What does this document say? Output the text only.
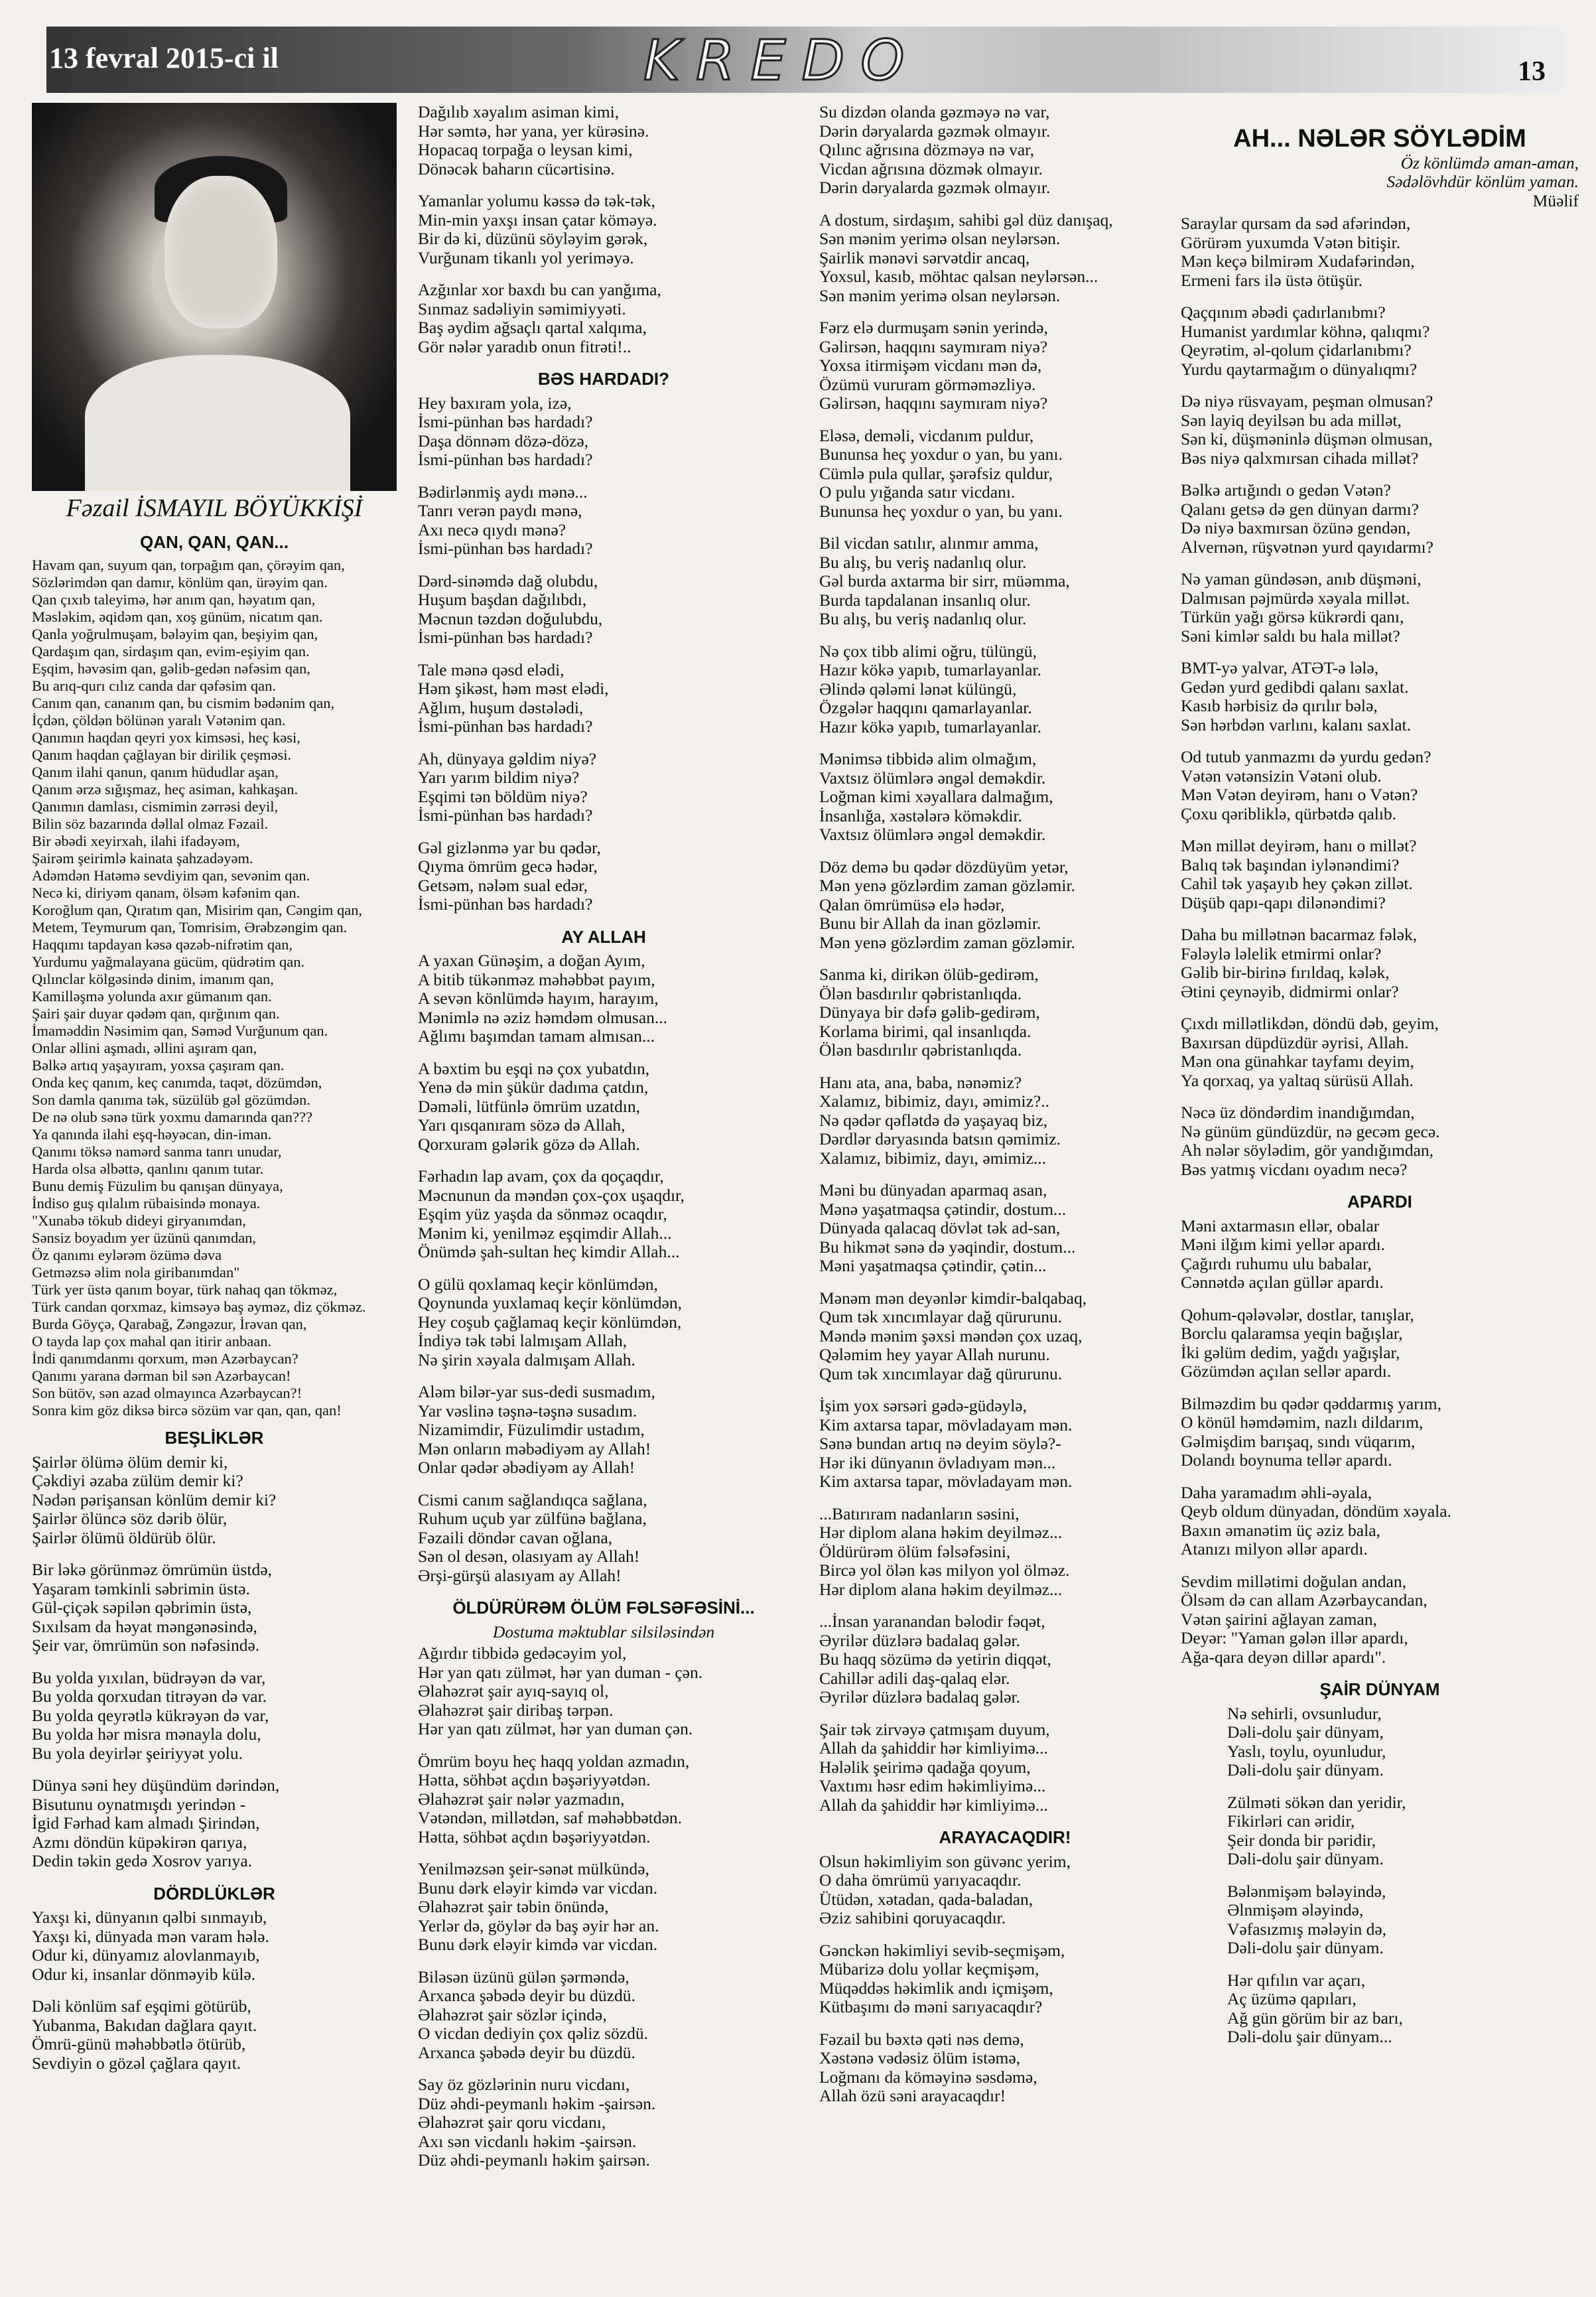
13 fevral 2015-ci il	KREDO	13
Fəzail İSMAYIL BÖYÜKKİŞİ
QAN, QAN, QAN...
Havam qan, suyum qan, torpağım qan, çörəyim qan,
Sözlərimdən qan damır, könlüm qan, ürəyim qan.
Qan çıxıb taleyimə, hər anım qan, həyatım qan,
Məsləkim, əqidəm qan, xoş günüm, nicatım qan.
Qanla yoğrulmuşam, bələyim qan, beşiyim qan,
Qardaşım qan, sirdaşım qan, evim-eşiyim qan.
Eşqim, həvəsim qan, gəlib-gedən nəfəsim qan,
Bu arıq-qurı cılız canda dar qəfəsim qan.
Canım qan, cananım qan, bu cismim bədənim qan,
İçdən, çöldən bölünən yaralı Vətənim qan.
Qanımın haqdan qeyri yox kimsəsi, heç kəsi,
Qanım haqdan çağlayan bir dirilik çeşməsi.
Qanım ilahi qanun, qanım hüdudlar aşan,
Qanım ərzə sığışmaz, heç asiman, kahkaşan.
Qanımın damlası, cismimin zərrəsi deyil,
Bilin söz bazarında dəllal olmaz Fəzail.
Bir əbədi xeyirxah, ilahi ifadəyəm,
Şairəm şeirimlə kainata şahzadəyəm.
Adəmdən Hatəmə sevdiyim qan, sevənim qan.
Necə ki, diriyəm qanam, ölsəm kəfənim qan.
Koroğlum qan, Qıratım qan, Misirim qan, Cəngim qan,
Metem, Teymurum qan, Tomrisim, Ərəbzəngim qan.
Haqqımı tapdayan kəsə qəzəb-nifrətim qan,
Yurdumu yağmalayana gücüm, qüdrətim qan.
Qılınclar kölgəsində dinim, imanım qan,
Kamilləşmə yolunda axır gümanım qan.
Şairi şair duyar qədəm qan, qırğınım qan.
İmaməddin Nəsimim qan, Səməd Vurğunum qan.
Onlar əllini aşmadı, əllini aşıram qan,
Bəlkə artıq yaşayıram, yoxsa çaşıram qan.
Onda keç qanım, keç canımda, taqət, dözümdən,
Son damla qanıma tək, süzülüb gəl gözümdən.
De nə olub sənə türk yoxmu damarında qan???
Ya qanında ilahi eşq-həyəcan, din-iman.
Qanımı töksə namərd sanma tanrı unudar,
Harda olsa əlbəttə, qanlını qanım tutar.
Bunu demiş Füzulim bu qanışan dünyaya,
İndiso guş qılalım rübaisində monaya.
"Xunabə tökub dideyi giryanımdan,
Sənsiz boyadım yer üzünü qanımdan,
Öz qanımı eylərəm özümə dəva
Getməzsə əlim nola giribanımdan"
Türk yer üstə qanım boyar, türk nahaq qan tökməz,
Türk candan qorxmaz, kimsəyə baş əyməz, diz çökməz.
Burda Göyçə, Qarabağ, Zəngəzur, İrəvan qan,
O tayda lap çox mahal qan itirir anbaan.
İndi qanımdanmı qorxum, mən Azərbaycan?
Qanımı yarana dərman bil sən Azərbaycan!
Son bütöv, sən azad olmayınca Azərbaycan?!
Sonra kim göz diksə bircə sözüm var qan, qan, qan!
BEŞLİKLƏR
Şairlər ölümə ölüm demir ki,
Çəkdiyi əzaba zülüm demir ki?
Nədən pərişansan könlüm demir ki?
Şairlər ölüncə söz dərib ölür,
Şairlər ölümü öldürüb ölür.
Bir ləkə görünməz ömrümün üstdə,
Yaşaram təmkinli səbrimin üstə.
Gül-çiçək səpilən qəbrimin üstə,
Sıxılsam da həyat məngənəsində,
Şeir var, ömrümün son nəfəsində.
Bu yolda yıxılan, büdrəyən də var,
Bu yolda qorxudan titrəyən də var.
Bu yolda qeyrətlə kükrəyən də var,
Bu yolda hər misra mənayla dolu,
Bu yola deyirlər şeiriyyət yolu.
Dünya səni hey düşündüm dərindən,
Bisutunu oynatmışdı yerindən -
İgid Fərhad kam almadı Şirindən,
Azmı döndün küpəkirən qarıya,
Dedin təkin gedə Xosrov yarıya.
DÖRDLÜKLƏR
Yaxşı ki, dünyanın qəlbi sınmayıb,
Yaxşı ki, dünyada mən varam hələ.
Odur ki, dünyamız alovlanmayıb,
Odur ki, insanlar dönməyib külə.
Dəli könlüm saf eşqimi götürüb,
Yubanma, Bakıdan dağlara qayıt.
Ömrü-günü məhəbbətlə ötürüb,
Sevdiyin o gözəl çağlara qayıt.
Dağılıb xəyalım asiman kimi,
Hər səmtə, hər yana, yer kürəsinə.
Hopacaq torpağa o leysan kimi,
Dönəcək baharın cücərtisinə.
Yamanlar yolumu kəssə də tək-tək,
Min-min yaxşı insan çatar köməyə.
Bir də ki, düzünü söyləyim gərək,
Vurğunam tikanlı yol yeriməyə.
Azğınlar xor baxdı bu can yanğıma,
Sınmaz sadəliyin səmimiyyəti.
Baş əydim ağsaçlı qartal xalqıma,
Gör nələr yaradıb onun fitrəti!..
BƏS HARDADI?
Hey baxıram yola, izə,
İsmi-pünhan bəs hardadı?
Daşa dönnəm dözə-dözə,
İsmi-pünhan bəs hardadı?
Bədirlənmiş aydı mənə...
Tanrı verən paydı mənə,
Axı necə qıydı mənə?
İsmi-pünhan bəs hardadı?
Dərd-sinəmdə dağ olubdu,
Huşum başdan dağılıbdı,
Məcnun təzdən doğulubdu,
İsmi-pünhan bəs hardadı?
Tale mənə qəsd elədi,
Həm şikəst, həm məst elədi,
Ağlım, huşum dəstələdi,
İsmi-pünhan bəs hardadı?
Ah, dünyaya gəldim niyə?
Yarı yarım bildim niyə?
Eşqimi tən böldüm niyə?
İsmi-pünhan bəs hardadı?
Gəl gizlənmə yar bu qədər,
Qıyma ömrüm gecə hədər,
Getsəm, nələm sual edər,
İsmi-pünhan bəs hardadı?
AY ALLAH
A yaxan Günəşim, a doğan Ayım,
A bitib tükənməz məhəbbət payım,
A sevən könlümdə hayım, harayım,
Mənimlə nə əziz həmdəm olmusan...
Ağlımı başımdan tamam almısan...
A bəxtim bu eşqi nə çox yubatdın,
Yenə də min şükür dadıma çatdın,
Dəməli, lütfünlə ömrüm uzatdın,
Yarı qısqanıram sözə də Allah,
Qorxuram gələrik gözə də Allah.
Fərhadın lap avam, çox da qoçaqdır,
Məcnunun da məndən çox-çox uşaqdır,
Eşqim yüz yaşda da sönməz ocaqdır,
Mənim ki, yenilməz eşqimdir Allah...
Önümdə şah-sultan heç kimdir Allah...
O gülü qoxlamaq keçir könlümdən,
Qoynunda yuxlamaq keçir könlümdən,
Hey coşub çağlamaq keçir könlümdən,
İndiyə tək təbi lalmışam Allah,
Nə şirin xəyala dalmışam Allah.
Aləm bilər-yar sus-dedi susmadım,
Yar vəslinə təşnə-təşnə susadım.
Nizamimdir, Füzulimdir ustadım,
Mən onların məbədiyəm ay Allah!
Onlar qədər əbədiyəm ay Allah!
Cismi canım sağlandıqca sağlana,
Ruhum uçub yar zülfünə bağlana,
Fəzaili döndər cavan oğlana,
Sən ol desən, olasıyam ay Allah!
Ərşi-gürşü alasıyam ay Allah!
ÖLDÜRÜRƏM ÖLÜM FƏLSƏFƏSİNİ...
Dostuma məktublar silsiləsindən
Ağırdır tibbidə gedəcəyim yol,
Hər yan qatı zülmət, hər yan duman - çən.
Əlahəzrət şair ayıq-sayıq ol,
Əlahəzrət şair diribaş tərpən.
Hər yan qatı zülmət, hər yan duman çən.
Ömrüm boyu heç haqq yoldan azmadın,
Hətta, söhbət açdın bəşəriyyətdən.
Əlahəzrət şair nələr yazmadın,
Vətəndən, millətdən, saf məhəbbətdən.
Hətta, söhbət açdın bəşəriyyətdən.
Yenilməzsən şeir-sənət mülkündə,
Bunu dərk eləyir kimdə var vicdan.
Əlahəzrət şair təbin önündə,
Yerlər də, göylər də baş əyir hər an.
Bunu dərk eləyir kimdə var vicdan.
Biləsən üzünü gülən şərməndə,
Arxanca şəbədə deyir bu düzdü.
Əlahəzrət şair sözlər içində,
O vicdan dediyin çox qəliz sözdü.
Arxanca şəbədə deyir bu düzdü.
Say öz gözlərinin nuru vicdanı,
Düz əhdi-peymanlı həkim -şairsən.
Əlahəzrət şair qoru vicdanı,
Axı sən vicdanlı həkim -şairsən.
Düz əhdi-peymanlı həkim şairsən.
Su dizdən olanda gəzməyə nə var,
Dərin dəryalarda gəzmək olmayır.
Qılınc ağrısına dözməyə nə var,
Vicdan ağrısına dözmək olmayır.
Dərin dəryalarda gəzmək olmayır.
A dostum, sirdaşım, sahibi gəl düz danışaq,
Sən mənim yerimə olsan neylərsən.
Şairlik mənəvi sərvətdir ancaq,
Yoxsul, kasıb, möhtac qalsan neylərsən...
Sən mənim yerimə olsan neylərsən.
Fərz elə durmuşam sənin yerində,
Gəlirsən, haqqını saymıram niyə?
Yoxsa itirmişəm vicdanı mən də,
Özümü vururam görməməzliyə.
Gəlirsən, haqqını saymıram niyə?
Eləsə, deməli, vicdanım puldur,
Bununsa heç yoxdur o yan, bu yanı.
Cümlə pula qullar, şərəfsiz quldur,
O pulu yığanda satır vicdanı.
Bununsa heç yoxdur o yan, bu yanı.
Bil vicdan satılır, alınmır amma,
Bu alış, bu veriş nadanlıq olur.
Gəl burda axtarma bir sirr, müəmma,
Burda tapdalanan insanlıq olur.
Bu alış, bu veriş nadanlıq olur.
Nə çox tibb alimi oğru, tülüngü,
Hazır kökə yapıb, tumarlayanlar.
Əlində qələmi lənət külüngü,
Özgələr haqqını qamarlayanlar.
Hazır kökə yapıb, tumarlayanlar.
Mənimsə tibbidə alim olmağım,
Vaxtsız ölümlərə əngəl deməkdir.
Loğman kimi xəyallara dalmağım,
İnsanlığa, xəstələrə köməkdir.
Vaxtsız ölümlərə əngəl deməkdir.
Döz demə bu qədər dözdüyüm yetər,
Mən yenə gözlərdim zaman gözləmir.
Qalan ömrümüsə elə hədər,
Bunu bir Allah da inan gözləmir.
Mən yenə gözlərdim zaman gözləmir.
Sanma ki, dirikən ölüb-gedirəm,
Ölən basdırılır qəbristanlıqda.
Dünyaya bir dəfə gəlib-gedirəm,
Korlama birimi, qal insanlıqda.
Ölən basdırılır qəbristanlıqda.
Hanı ata, ana, baba, nənəmiz?
Xalamız, bibimiz, dayı, əmimiz?..
Nə qədər qəflətdə də yaşayaq biz,
Dərdlər dəryasında batsın qəmimiz.
Xalamız, bibimiz, dayı, əmimiz...
Məni bu dünyadan aparmaq asan,
Mənə yaşatmaqsa çətindir, dostum...
Dünyada qalacaq dövlət tək ad-san,
Bu hikmət sənə də yəqindir, dostum...
Məni yaşatmaqsa çətindir, çətin...
Mənəm mən deyənlər kimdir-balqabaq,
Qum tək xıncımlayar dağ qürurunu.
Məndə mənim şəxsi məndən çox uzaq,
Qələmim hey yayar Allah nurunu.
Qum tək xıncımlayar dağ qürurunu.
İşim yox sərsəri gədə-güdəylə,
Kim axtarsa tapar, mövladayam mən.
Sənə bundan artıq nə deyim söylə?-
Hər iki dünyanın övladıyam mən...
Kim axtarsa tapar, mövladayam mən.
...Batırıram nadanların səsini,
Hər diplom alana həkim deyilməz...
Öldürürəm ölüm fəlsəfəsini,
Bircə yol ölən kəs milyon yol ölməz.
Hər diplom alana həkim deyilməz...
...İnsan yaranandan bəlodir fəqət,
Əyrilər düzlərə badalaq gələr.
Bu haqq sözümə də yetirin diqqət,
Cahillər adili daş-qalaq elər.
Əyrilər düzlərə badalaq gələr.
Şair tək zirvəyə çatmışam duyum,
Allah da şahiddir hər kimliyimə...
Hələlik şeirimə qadağa qoyum,
Vaxtımı həsr edim həkimliyimə...
Allah da şahiddir hər kimliyimə...
ARAYACAQDIR!
Olsun həkimliyim son güvənc yerim,
O daha ömrümü yarıyacaqdır.
Ütüdən, xətadan, qada-baladan,
Əziz sahibini qoruyacaqdır.
Gənckən həkimliyi sevib-seçmişəm,
Mübarizə dolu yollar keçmişəm,
Müqəddəs həkimlik andı içmişəm,
Kütbaşımı də məni sarıyacaqdır?
Fəzail bu bəxtə qəti nəs demə,
Xəstənə vədəsiz ölüm istəmə,
Loğmanı da köməyinə səsdəmə,
Allah özü səni arayacaqdır!
AH... NƏLƏR SÖYLƏDİM
Öz könlümdə aman-aman,
Sədəlövhdür könlüm yaman.
Müəlif
Saraylar qursam da səd afərindən,
Görürəm yuxumda Vətən bitişir.
Mən keçə bilmirəm Xudafərindən,
Ermeni fars ilə üstə ötüşür.
Qaçqınım əbədi çadırlanıbmı?
Humanist yardımlar köhnə, qalıqmı?
Qeyrətim, əl-qolum çidarlanıbmı?
Yurdu qaytarmağım o dünyalıqmı?
Də niyə rüsvayam, peşman olmusan?
Sən layiq deyilsən bu ada millət,
Sən ki, düşməninlə düşmən olmusan,
Bəs niyə qalxmırsan cihada millət?
Bəlkə artığındı o gedən Vətən?
Qalanı getsə də gen dünyan darmı?
Də niyə baxmırsan özünə gendən,
Alvernən, rüşvətnən yurd qayıdarmı?
Nə yaman gündəsən, anıb düşməni,
Dalmısan pəjmürdə xəyala millət.
Türkün yağı görsə kükrərdi qanı,
Səni kimlər saldı bu hala millət?
BMT-yə yalvar, ATƏT-ə lələ,
Gedən yurd gedibdi qalanı saxlat.
Kasıb hərbisiz də qırılır bələ,
Sən hərbdən varlını, kalanı saxlat.
Od tutub yanmazmı də yurdu gedən?
Vətən vətənsizin Vətəni olub.
Mən Vətən deyirəm, hanı o Vətən?
Çoxu qəribliklə, qürbətdə qalıb.
Mən millət deyirəm, hanı o millət?
Balıq tək başından iylənəndimi?
Cahil tək yaşayıb hey çəkən zillət.
Düşüb qapı-qapı dilənəndimi?
Daha bu millətnən bacarmaz fələk,
Fələylə ləlelik etmirmi onlar?
Gəlib bir-birinə fırıldaq, kələk,
Ətini çeynəyib, didmirmi onlar?
Çıxdı millətlikdən, döndü dəb, geyim,
Baxırsan düpdüzdür əyrisi, Allah.
Mən ona günahkar tayfamı deyim,
Ya qorxaq, ya yaltaq sürüsü Allah.
Nəcə üz döndərdim inandığımdan,
Nə günüm gündüzdür, nə gecəm gecə.
Ah nələr söylədim, gör yandığımdan,
Bəs yatmış vicdanı oyadım necə?
APARDI
Məni axtarmasın ellər, obalar
Məni ilğım kimi yellər apardı.
Çağırdı ruhumu ulu babalar,
Cənnətdə açılan güllər apardı.
Qohum-qələvələr, dostlar, tanışlar,
Borclu qalaramsa yeqin bağışlar,
İki gəlüm dedim, yağdı yağışlar,
Gözümdən açılan sellər apardı.
Bilməzdim bu qədər qəddarmış yarım,
O könül həmdəmim, nazlı dildarım,
Gəlmişdim barışaq, sındı vüqarım,
Dolandı boynuma tellər apardı.
Daha yaramadım əhli-əyala,
Qeyb oldum dünyadan, döndüm xəyala.
Baxın əmanətim üç əziz bala,
Atanızı milyon əllər apardı.
Sevdim millətimi doğulan andan,
Ölsəm də can allam Azərbaycandan,
Vətən şairini ağlayan zaman,
Deyər: "Yaman gələn illər apardı,
Ağa-qara deyən dillər apardı".
ŞAİR DÜNYAM
Nə sehirli, ovsunludur,
Dəli-dolu şair dünyam,
Yaslı, toylu, oyunludur,
Dəli-dolu şair dünyam.
Zülməti sökən dan yeridir,
Fikirləri can əridir,
Şeir donda bir pəridir,
Dəli-dolu şair dünyam.
Bələnmişəm bələyində,
Əlnmişəm ələyində,
Vəfasızmış mələyin də,
Dəli-dolu şair dünyam.
Hər qıfılın var açarı,
Aç üzümə qapıları,
Ağ gün görüm bir az barı,
Dəli-dolu şair dünyam...
